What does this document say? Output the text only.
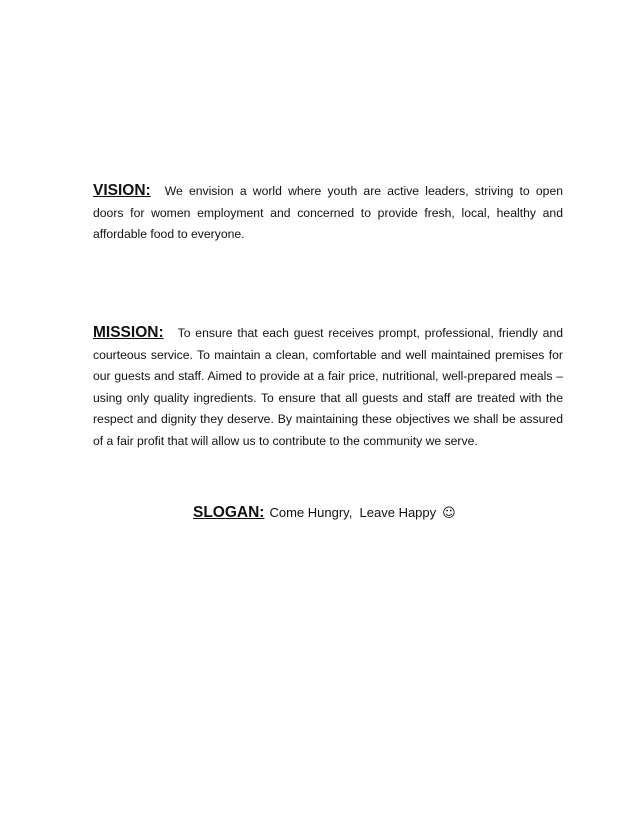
VISION: We envision a world where youth are active leaders, striving to open doors for women employment and concerned to provide fresh, local, healthy and affordable food to everyone.

MISSION: To ensure that each guest receives prompt, professional, friendly and courteous service. To maintain a clean, comfortable and well maintained premises for our guests and staff. Aimed to provide at a fair price, nutritional, well-prepared meals – using only quality ingredients. To ensure that all guests and staff are treated with the respect and dignity they deserve. By maintaining these objectives we shall be assured of a fair profit that will allow us to contribute to the community we serve.

SLOGAN: Come Hungry,  Leave Happy ☺
